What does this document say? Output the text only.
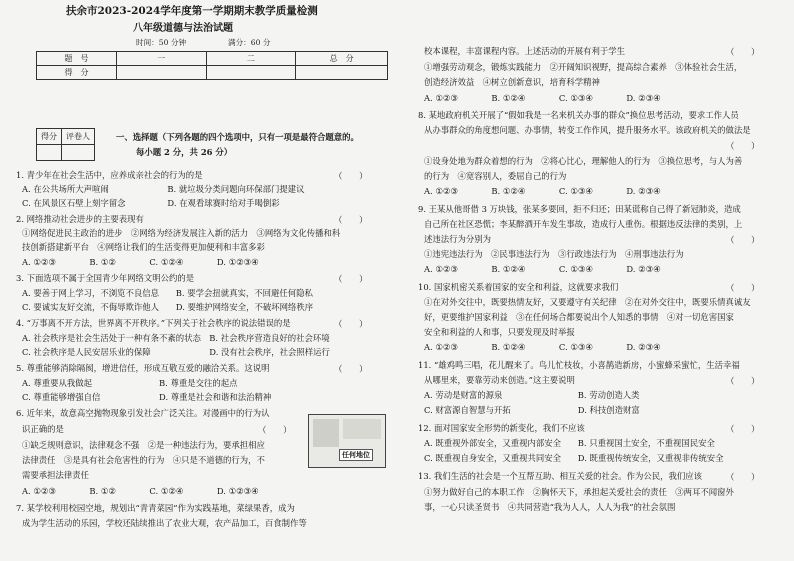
扶余市2023-2024学年度第一学期期末教学质量检测
八年级道德与法治试题
时间：50 分钟	满分：60 分
题　号	一	二	总　分
得　分			
得分	评卷人
		一、选择题（下列各题的四个选项中，只有一项是最符合题意的。
每小题 2 分，共 26 分）
1. 青少年在社会生活中，应养成亲社会的行为的是	（　　）
A. 在公共场所大声喧闹　　　　　　　B. 就垃圾分类问题向环保部门提建议
C. 在风景区石壁上刻字留念　　　　　D. 在观看球赛时给对手喝倒彩
2. 网络推动社会进步的主要表现有	（　　）
①网络促进民主政治的进步　②网络为经济发展注入新的活力　③网络为文化传播和科
技创新搭建新平台　④网络让我们的生活变得更加便利和丰富多彩
A. ①②③　　　　B. ①②　　　　C. ①②④　　　　D. ①②③④
3. 下面选项不属于全国青少年网络文明公约的是	（　　）
A. 要善于网上学习，不浏览不良信息　　B. 要学会扭就真实，不回避任何隐私
C. 要诚实友好交流，不侮辱欺诈他人　　D. 要维护网络安全，不破坏网络秩序
4. “万事离不开方法，世界离不开秩序。”下列关于社会秩序的说法错误的是	（　　）
A. 社会秩序是社会生活处于一种有条不紊的状态　B. 社会秩序营造良好的社会环境
C. 社会秩序是人民安居乐业的保障　　　　　　　D. 没有社会秩序，社会照样运行
5. 尊重能够消除隔阂，增进信任，形成互敬互爱的融洽关系。这说明	（　　）
A. 尊重要从我做起　　　　　　　　B. 尊重是交往的起点
C. 尊重能够增强自信　　　　　　　D. 尊重是社会和谐和法治精神
6. 近年来，故意高空抛物现象引发社会广泛关注。对漫画中的行为认
识正确的是	（　　）
①缺乏规则意识，法律观念不强　②是一种违法行为，要承担相应
法律责任　③是具有社会危害性的行为　④只是不道德的行为，不
需要承担法律责任
A. ①②③　　　　B. ①②　　　　C. ①②④　　　　D. ①②③④
任何地位
7. 某学校利用校园空地，规划出“青青菜园”作为实践基地，菜绿果香，成为
成为学生活动的乐园，学校还陆续推出了农业大观，农产品加工，百食制作等
校本课程，丰富课程内容。上述活动的开展有利于学生	（　　）
①增强劳动观念，锻炼实践能力　②开阔知识视野，提高综合素养　③体验社会生活，
创造经济效益　④树立创新意识，培育科学精神
A. ①②③　　　　B. ①②④　　　　C. ①③④　　　　D. ②③④
8. 某地政府机关开展了“假如我是一名来机关办事的群众”换位思考活动，要求工作人员
从办事群众的角度想问题、办事情，转变工作作风，提升服务水平。该政府机关的做法是
（　　）
①设身处地为群众着想的行为　②将心比心，理解他人的行为　③换位思考，与人为善
的行为　④宽容别人，委屈自己的行为
A. ①②③　　　　B. ①②④　　　　C. ①③④　　　　D. ②③④
9. 王某从他哥借 3 万块钱，张某多要回，拒不归还；田某谎称自己得了新冠肺炎，造成
自己所在社区恐慌；李某醉酒开车发生事故，造成行人重伤。根据违反法律的类别，上
述违法行为分别为	（　　）
①违宪违法行为　②民事违法行为　③行政违法行为　④刑事违法行为
A. ①②③　　　　B. ①②④　　　　C. ①③④　　　　D. ②③④
10. 国家机密关系着国家的安全和利益，这就要求我们	（　　）
①在对外交往中，既要热情友好，又要遵守有关纪律　②在对外交往中，既要乐情真诚友
好，更要维护国家利益　③在任何场合都要说出个人知悉的事情　④对一切危害国家
安全和利益的人和事，只要发现及时举报
A. ①②③　　　　B. ①②④　　　　C. ①③④　　　　D. ②③④
11. “雄鸡鸣三唱，花儿醒来了。鸟儿忙枝妆，小喜鹊造新房，小蜜蜂采蜜忙，生活幸福
从哪里来，要靠劳动来创造。”这主要说明	（　　）
A. 劳动是财富的源泉　　　　　　　　　B. 劳动创造人类
C. 财富源自智慧与开拓　　　　　　　　D. 科技创造财富
12. 面对国家安全形势的新变化，我们不应该	（　　）
A. 既重视外部安全，又重视内部安全　　B. 只重视国土安全，不重视国民安全
C. 既重视自身安全，又重视共同安全　　D. 既重视传统安全，又重视非传统安全
13. 我们生活的社会是一个互帮互助、相互关爱的社会。作为公民，我们应该	（　　）
①努力做好自己的本职工作　②胸怀天下，承担起关爱社会的责任　③两耳不闻窗外
事，一心只读圣贤书　④共同营造“我为人人，人人为我”的社会氛围
